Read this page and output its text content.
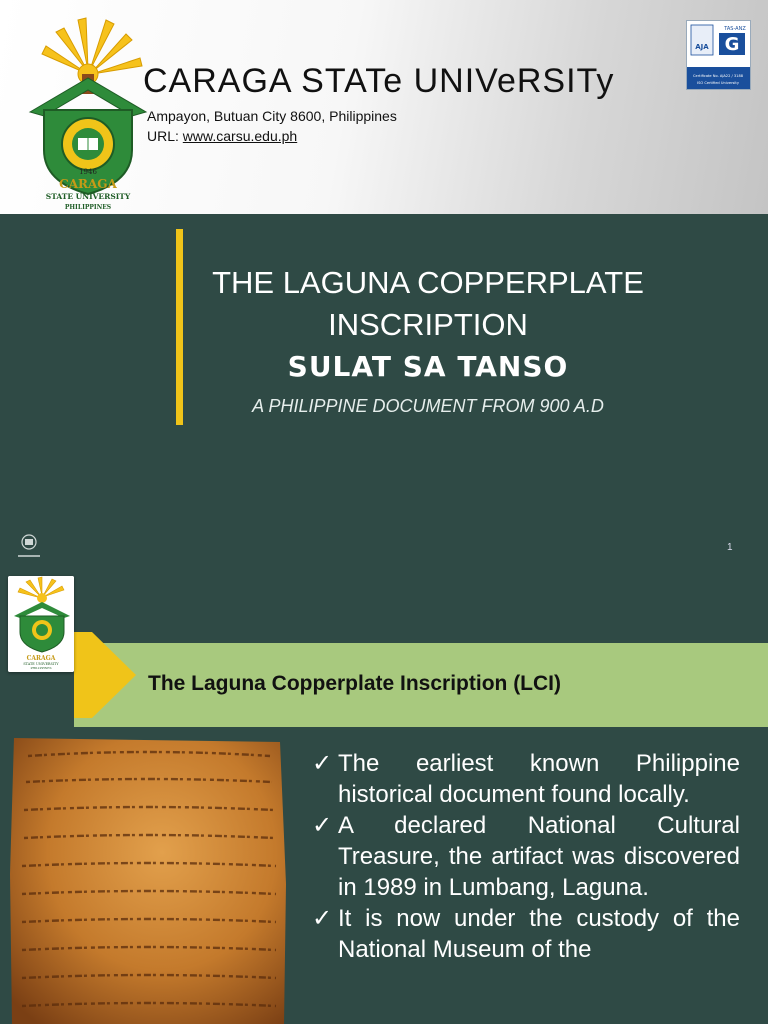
1946
CARAGA
STATE UNIVERSITY
PHILIPPINES
CARAGA STATe UNIVeRSITy
Ampayon, Butuan City 8600, Philippines
URL: www.carsu.edu.ph
TAS-ANZ
AJA G
Certificate No. AJA22 / 3188
ISO Certified University
THE LAGUNA COPPERPLATE INSCRIPTION
SULAT SA TANSO
A PHILIPPINE DOCUMENT FROM 900 A.D
1
CARAGA
STATE UNIVERSITY
PHILIPPINES
The Laguna Copperplate Inscription (LCI)
✓ The earliest known Philippine historical document found locally.
✓ A declared National Cultural Treasure, the artifact was discovered in 1989 in Lumbang, Laguna.
✓ It is now under the custody of the National Museum of the
